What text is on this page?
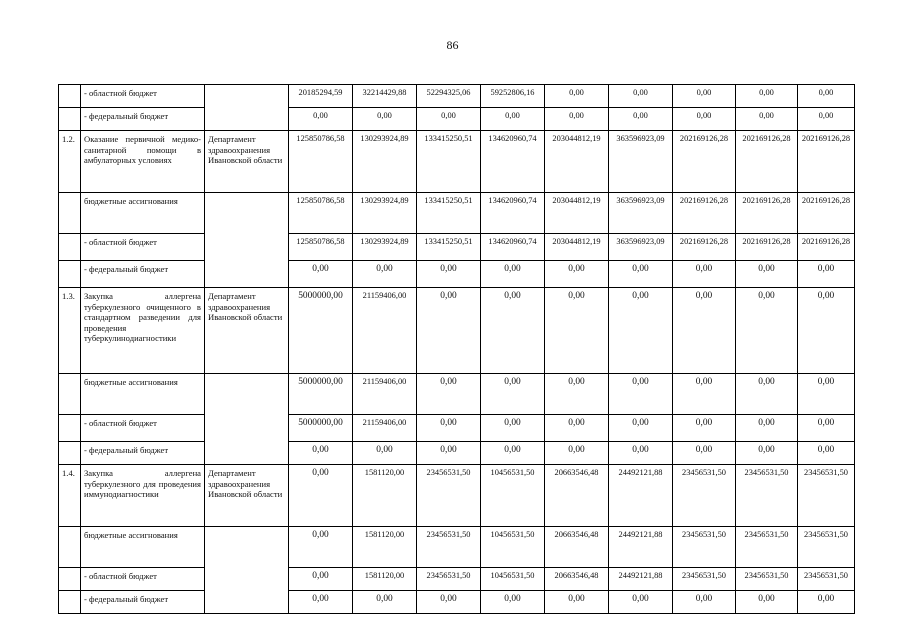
86
	- областной бюджет		20185294,59	32214429,88	52294325,06	59252806,16	0,00	0,00	0,00	0,00	0,00
	- федеральный бюджет		0,00	0,00	0,00	0,00	0,00	0,00	0,00	0,00	0,00
1.2.	Оказание первичной медико-санитарной помощи в амбулаторных условиях	Департамент здравоохранения Ивановской области	125850786,58	130293924,89	133415250,51	134620960,74	203044812,19	363596923,09	202169126,28	202169126,28	202169126,28
	бюджетные ассигнования		125850786,58	130293924,89	133415250,51	134620960,74	203044812,19	363596923,09	202169126,28	202169126,28	202169126,28
	- областной бюджет		125850786,58	130293924,89	133415250,51	134620960,74	203044812,19	363596923,09	202169126,28	202169126,28	202169126,28
	- федеральный бюджет		0,00	0,00	0,00	0,00	0,00	0,00	0,00	0,00	0,00
1.3.	Закупка аллергена туберкулезного очищенного в стандартном разведении для проведения туберкулинодиагностики	Департамент здравоохранения Ивановской области	5000000,00	21159406,00	0,00	0,00	0,00	0,00	0,00	0,00	0,00
	бюджетные ассигнования		5000000,00	21159406,00	0,00	0,00	0,00	0,00	0,00	0,00	0,00
	- областной бюджет		5000000,00	21159406,00	0,00	0,00	0,00	0,00	0,00	0,00	0,00
	- федеральный бюджет		0,00	0,00	0,00	0,00	0,00	0,00	0,00	0,00	0,00
1.4.	Закупка аллергена туберкулезного для проведения иммунодиагностики	Департамент здравоохранения Ивановской области	0,00	1581120,00	23456531,50	10456531,50	20663546,48	24492121,88	23456531,50	23456531,50	23456531,50
	бюджетные ассигнования		0,00	1581120,00	23456531,50	10456531,50	20663546,48	24492121,88	23456531,50	23456531,50	23456531,50
	- областной бюджет		0,00	1581120,00	23456531,50	10456531,50	20663546,48	24492121,88	23456531,50	23456531,50	23456531,50
	- федеральный бюджет		0,00	0,00	0,00	0,00	0,00	0,00	0,00	0,00	0,00
